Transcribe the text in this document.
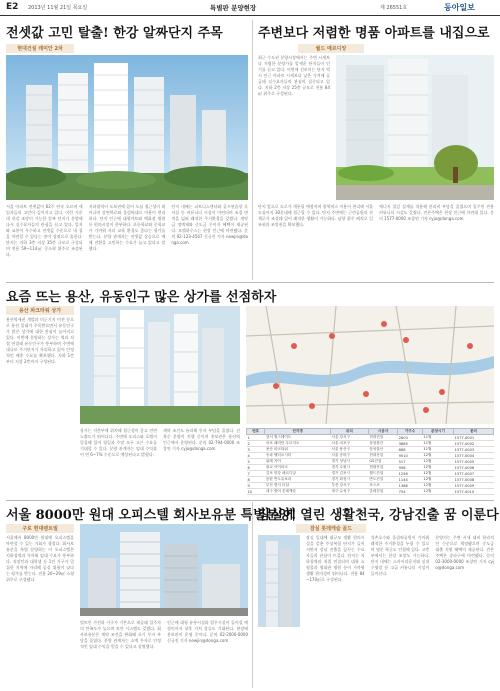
E2 2013년 11월 21일 목요일	특별판 분양현장	제 26551호	동아일보
전셋값 고민 탈출! 한강 알짜단지 주목
현대건설 래미안 2차
서울 아파트 전셋값이 62주 연속 오르며 세입자들의 고민이 깊어지고 있다. 이런 가운데 한강 조망이 가능한 알짜 단지가 분양에 나서 실수요자들의 관심을 끌고 있다. 입지와 교통이 우수하고 전셋값 수준으로 내 집을 마련할 수 있다는 점이 장점으로 꼽힌다. 단지는 지하 3층 지상 35층 규모로 구성되며 전용 59~114㎡ 중소형 위주로 조성된다.
지하철역이 도보권에 있어 도심 접근성이 뛰어나며 강변북로와 올림픽대로 이용이 편리하다. 단지 인근에 대형마트와 백화점 병원 등 편의시설이 풍부하다. 초등학교와 중학교가 가까워 자녀 교육 환경도 좋다는 평가를 받는다. 분양 관계자는 전셋값 상승으로 매매 전환을 고민하는 수요가 늘고 있다고 말했다.
단지 내에는 피트니스센터와 골프연습장 독서실 등 커뮤니티 시설이 마련되며 조경 면적을 넓혀 쾌적한 주거환경을 갖췄다. 계약금 정액제와 중도금 무이자 혜택이 제공된다. 모델하우스는 현장 인근에 마련됐다. 문의 02-123-4567 신규진 기자 newjin@donga.com
주변보다 저렴한 명품 아파트를 내집으로
월드 메르디앙
최근 수도권 분양시장에서는 주변 시세보다 저렴한 분양가를 앞세운 단지들이 인기를 끌고 있다. 이번에 선보이는 단지 역시 인근 아파트 시세보다 낮은 가격에 공급돼 실수요자들의 관심이 집중되고 있다. 지하 2층 지상 25층 규모로 전용 84㎡ 위주로 구성된다.
단지 앞으로 도로가 개통될 예정이며 광역버스 이용이 편리해 서울 도심까지 30분대에 접근할 수 있다. 단지 주변에는 근린공원과 산책로가 조성돼 있어 쾌적한 생활이 가능하다. 남향 위주 배치로 일조권과 조망권을 확보했다.
에너지 절감 설계를 적용해 관리비 부담을 줄였으며 입주민 전용 커뮤니티 시설도 갖췄다. 견본주택은 현장 인근에 마련돼 있다. 문의 1577-0000 조창연 기자 cyjo@donga.com
요즘 뜨는 용산, 유동인구 많은 상가를 선점하자
용산 파크타워 상가
용산역세권 개발과 미군기지 이전 등으로 용산 일대가 주목받으면서 유동인구가 많은 상가에 대한 관심이 높아지고 있다. 이번에 분양하는 상가는 역과 직접 연결돼 유동인구가 풍부하며 주변에 대규모 주거단지가 자리하고 있어 안정적인 배후 수요를 확보했다. 지하 1층부터 지상 2층까지 구성된다.
상가는 저층부에 위치해 접근성이 좋고 전면 노출도가 뛰어나다. 주변에 오피스와 호텔이 밀집해 있어 평일과 주말 모두 고른 수요를 기대할 수 있다. 분양 관계자는 임대 수익률이 연 6~7% 수준으로 예상된다고 밝혔다.
계약 조건도 유리해 투자 부담을 줄였다. 선착순 분양이 진행 중이며 홍보관은 용산역 인근에서 운영된다. 문의 02-794-0000 조창연 기자 cyjo@donga.com
번호	단지명	위치	시공사	가구수	분양시기	문의
1	강서 힐스테이트	서울 강서구	현대건설	2603	11월	1577-0001
2	마포 래미안 푸르지오	서울 마포구	삼성물산	3885	11월	1577-0002
3	용산 파크타워	서울 용산구	삼성물산	888	11월	1577-0003
4	송파 헬리오시티	서울 송파구	현대산업	9510	12월	1577-0004
5	위례 자이	경기 성남시	GS건설	517	12월	1577-0005
6	광교 아이파크	경기 수원시	현대산업	958	12월	1577-0006
7	김포 한강 메르디앙	경기 김포시	월드건설	1256	12월	1577-0007
8	동탄 반도유보라	경기 화성시	반도건설	1144	12월	1577-0008
9	부산 명지 더샵	부산 강서구	포스코	1386	12월	1577-0009
10	대구 범어 롯데캐슬	대구 수성구	롯데건설	754	12월	1577-0010
서울 8000만 원대 오피스텔 회사보유분 특별분양!
구로 현대렌트빌
서울에서 8000만 원대에 오피스텔을 마련할 수 있는 기회가 생겼다. 회사보유분을 특별 분양하는 이 오피스텔은 지하철역과 가까워 임대 수요가 풍부하다. 직장인과 대학생 등 1인 가구가 밀집한 지역에 자리해 공실 위험이 낮다는 평가를 받는다. 전용 20~29㎡ 소형 위주로 구성됐다.
빌트인 가전과 가구가 기본으로 제공돼 입주자의 만족도가 높으며 보안 시스템도 갖췄다. 회사보유분은 계약 조건을 완화해 초기 투자 부담을 줄였다. 분양 관계자는 소액 투자로 안정적인 임대 수익을 얻을 수 있다고 설명했다.
인근에 대형 유통시설과 업무시설이 들어설 예정이어서 향후 가치 상승도 기대된다. 현장에 홍보관이 운영 중이다. 문의 02-2000-0000 신규진 기자 newjin@donga.com
잠실에 열린 생활천국, 강남진출 꿈 이룬다
잠실 롯데캐슬 골드
잠실 일대에 대규모 생활 편의시설을 갖춘 주상복합 단지가 들어서면서 강남 진출을 꿈꾸는 수요자들의 관심이 뜨겁다. 단지는 지하철역과 직접 연결되며 대형 쇼핑몰과 영화관 병원 등이 가까워 생활 편의성이 뛰어나다. 전용 84~170㎡로 구성된다.
석촌호수와 올림픽공원이 가까워 쾌적한 주거환경을 누릴 수 있으며 명문 학군도 인접해 있다. 고층부에서는 한강 조망도 가능하다. 단지 내에는 스카이라운지와 실내 수영장 등 고급 커뮤니티 시설이 들어선다.
분양가는 주변 시세 대비 합리적인 수준으로 책정됐으며 중도금 대출 지원 혜택이 제공된다. 견본주택은 송파구에 마련됐다. 문의 02-3000-0000 조창연 기자 cyjo@donga.com
